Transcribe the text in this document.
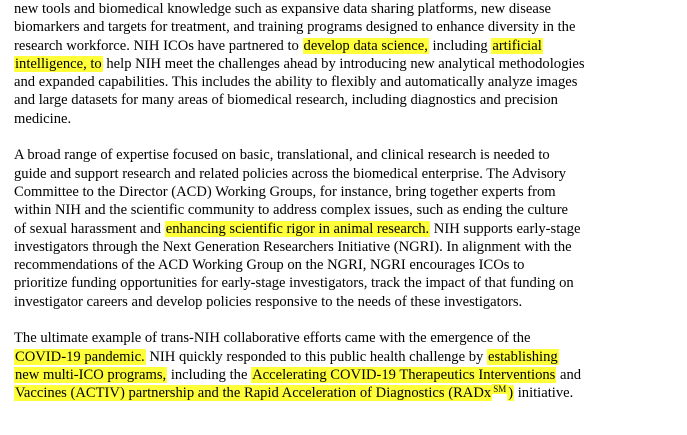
new tools and biomedical knowledge such as expansive data sharing platforms, new disease
biomarkers and targets for treatment, and training programs designed to enhance diversity in the
research workforce. NIH ICOs have partnered to develop data science, including artificial
intelligence, to help NIH meet the challenges ahead by introducing new analytical methodologies
and expanded capabilities. This includes the ability to flexibly and automatically analyze images
and large datasets for many areas of biomedical research, including diagnostics and precision
medicine.
A broad range of expertise focused on basic, translational, and clinical research is needed to
guide and support research and related policies across the biomedical enterprise. The Advisory
Committee to the Director (ACD) Working Groups, for instance, bring together experts from
within NIH and the scientific community to address complex issues, such as ending the culture
of sexual harassment and enhancing scientific rigor in animal research. NIH supports early-stage
investigators through the Next Generation Researchers Initiative (NGRI). In alignment with the
recommendations of the ACD Working Group on the NGRI, NGRI encourages ICOs to
prioritize funding opportunities for early-stage investigators, track the impact of that funding on
investigator careers and develop policies responsive to the needs of these investigators.
The ultimate example of trans-NIH collaborative efforts came with the emergence of the
COVID-19 pandemic. NIH quickly responded to this public health challenge by establishing
new multi-ICO programs, including the Accelerating COVID-19 Therapeutics Interventions and
Vaccines (ACTIV) partnership and the Rapid Acceleration of Diagnostics (RADx ℠ ) initiative.
